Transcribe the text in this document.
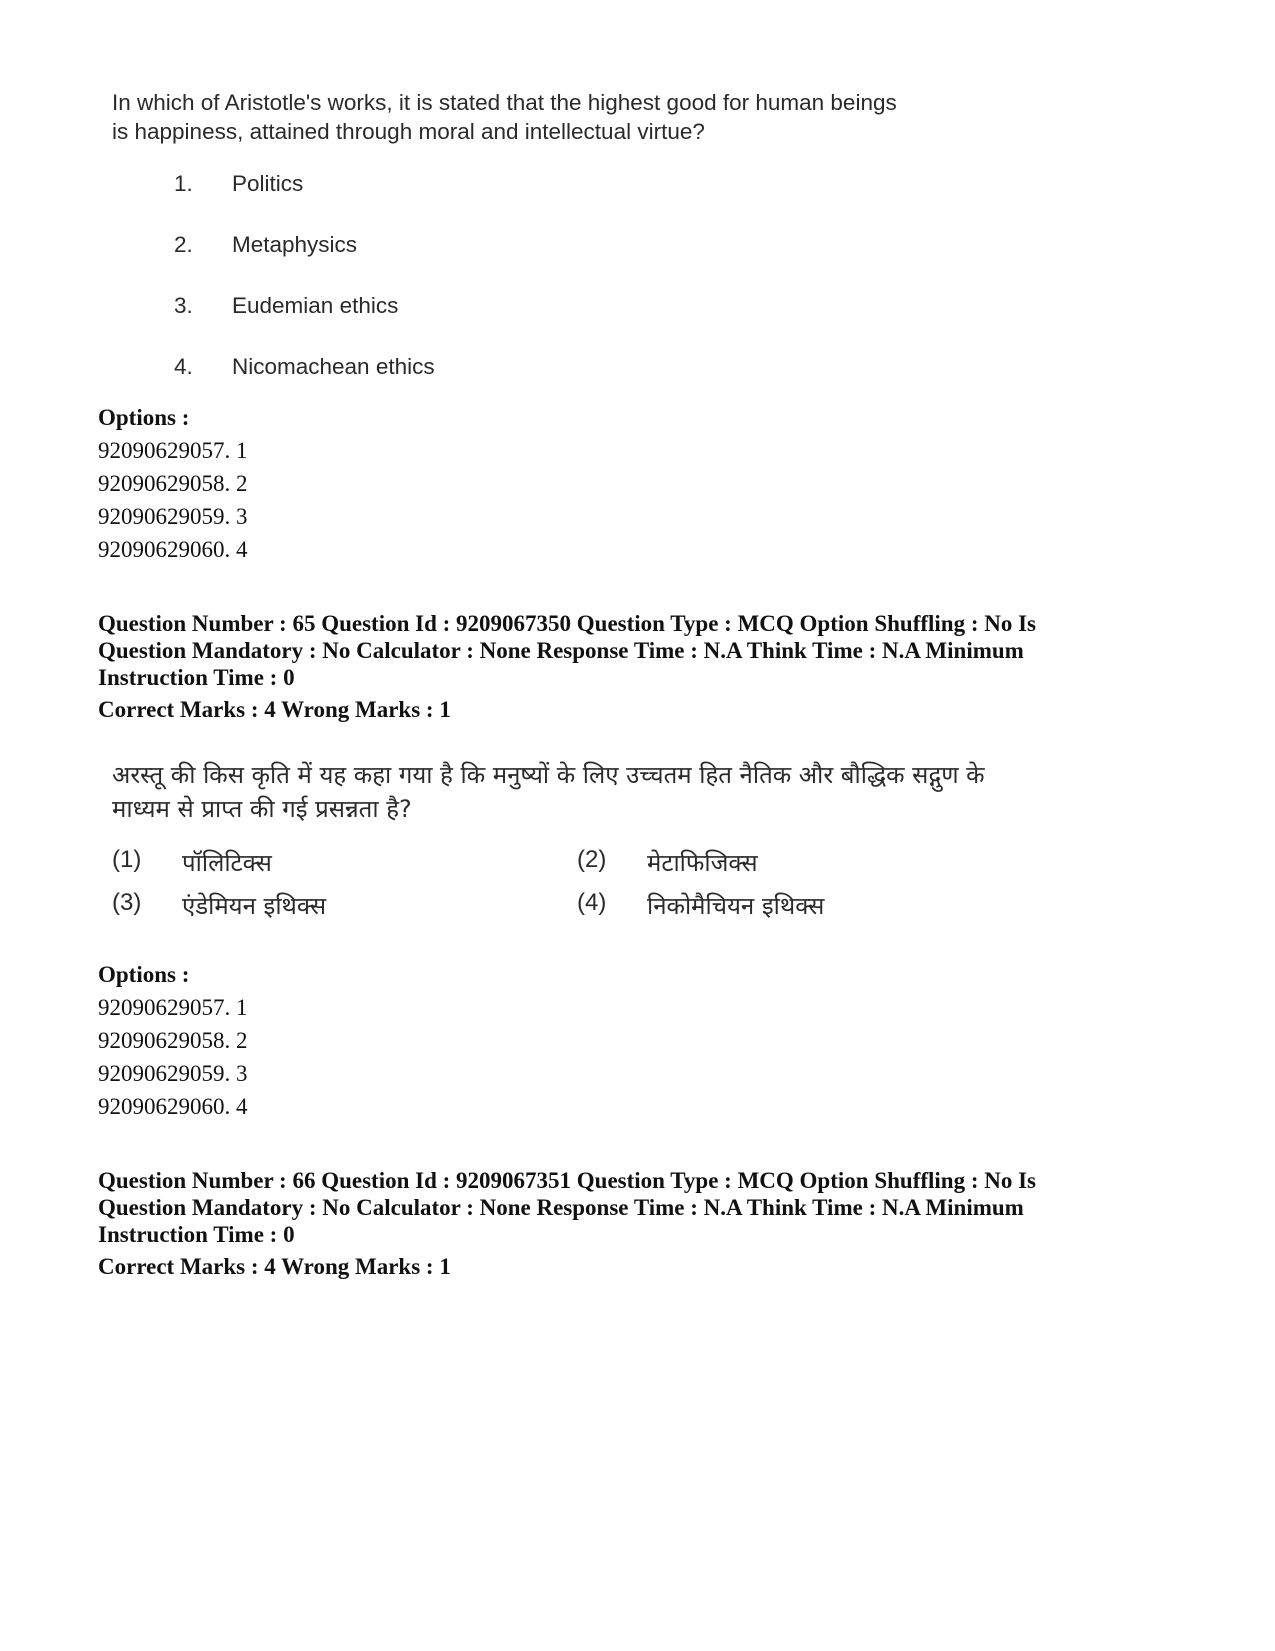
In which of Aristotle's works, it is stated that the highest good for human beings
is happiness, attained through moral and intellectual virtue?
1.	Politics
2.	Metaphysics
3.	Eudemian ethics
4.	Nicomachean ethics
Options :
92090629057. 1
92090629058. 2
92090629059. 3
92090629060. 4
Question Number : 65 Question Id : 9209067350 Question Type : MCQ Option Shuffling : No Is
Question Mandatory : No Calculator : None Response Time : N.A Think Time : N.A Minimum
Instruction Time : 0
Correct Marks : 4 Wrong Marks : 1
अरस्तू की किस कृति में यह कहा गया है कि मनुष्यों के लिए उच्चतम हित नैतिक और बौद्धिक सद्गुण के
माध्यम से प्राप्त की गई प्रसन्नता है?
(1)	पॉलिटिक्स	(2)	मेटाफिजिक्स
(3)	एंडेमियन इथिक्स	(4)	निकोमैचियन इथिक्स
Options :
92090629057. 1
92090629058. 2
92090629059. 3
92090629060. 4
Question Number : 66 Question Id : 9209067351 Question Type : MCQ Option Shuffling : No Is
Question Mandatory : No Calculator : None Response Time : N.A Think Time : N.A Minimum
Instruction Time : 0
Correct Marks : 4 Wrong Marks : 1
